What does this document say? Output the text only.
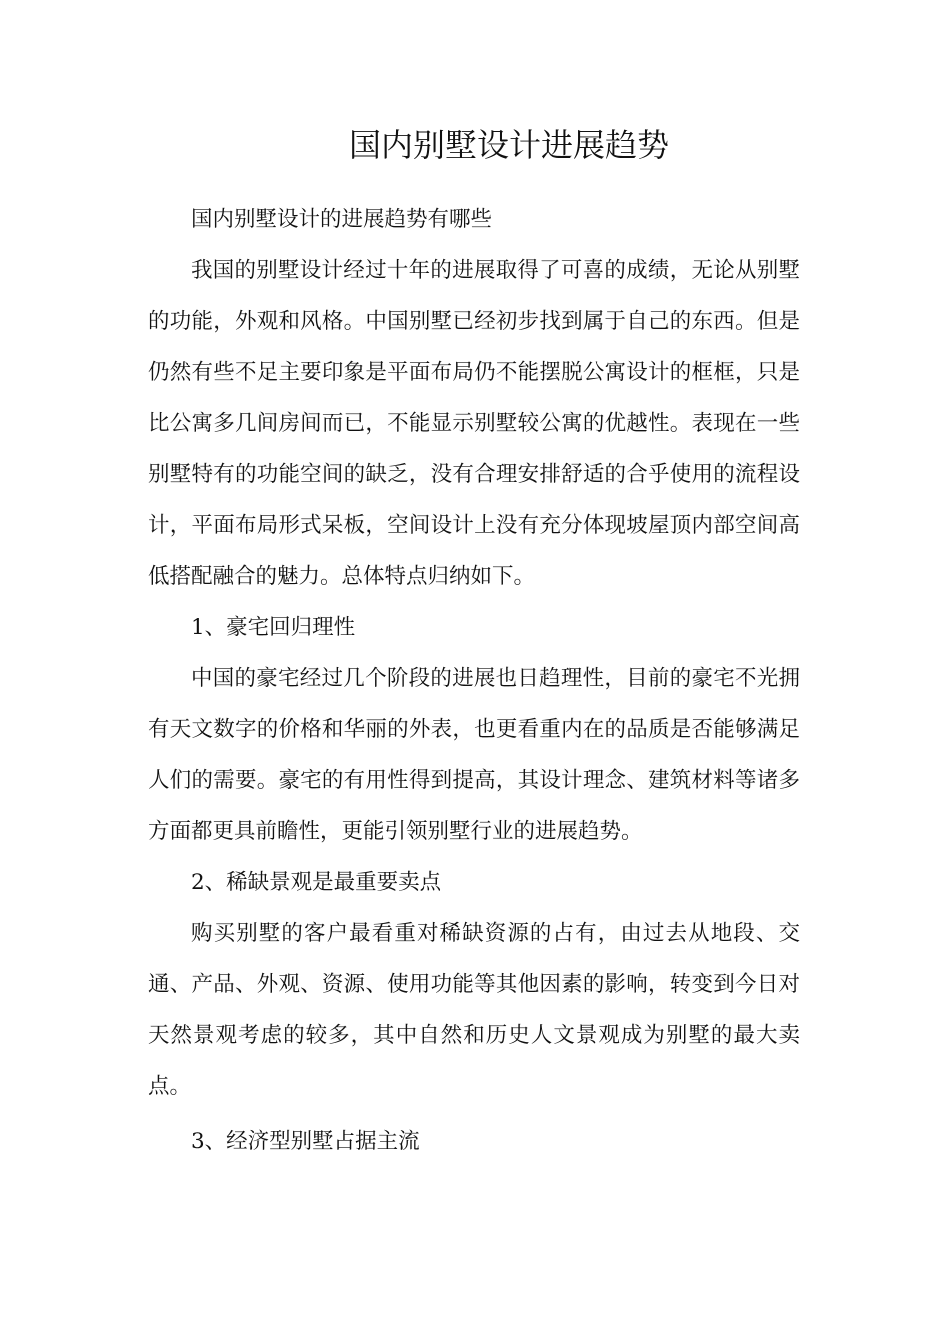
国内别墅设计进展趋势

国内别墅设计的进展趋势有哪些

我国的别墅设计经过十年的进展取得了可喜的成绩，无论从别墅的功能，外观和风格。中国别墅已经初步找到属于自己的东西。但是仍然有些不足主要印象是平面布局仍不能摆脱公寓设计的框框，只是比公寓多几间房间而已，不能显示别墅较公寓的优越性。表现在一些别墅特有的功能空间的缺乏，没有合理安排舒适的合乎使用的流程设计，平面布局形式呆板，空间设计上没有充分体现坡屋顶内部空间高低搭配融合的魅力。总体特点归纳如下。

1、豪宅回归理性

中国的豪宅经过几个阶段的进展也日趋理性，目前的豪宅不光拥有天文数字的价格和华丽的外表，也更看重内在的品质是否能够满足人们的需要。豪宅的有用性得到提高，其设计理念、建筑材料等诸多方面都更具前瞻性，更能引领别墅行业的进展趋势。

2、稀缺景观是最重要卖点

购买别墅的客户最看重对稀缺资源的占有，由过去从地段、交通、产品、外观、资源、使用功能等其他因素的影响，转变到今日对天然景观考虑的较多，其中自然和历史人文景观成为别墅的最大卖点。

3、经济型别墅占据主流
